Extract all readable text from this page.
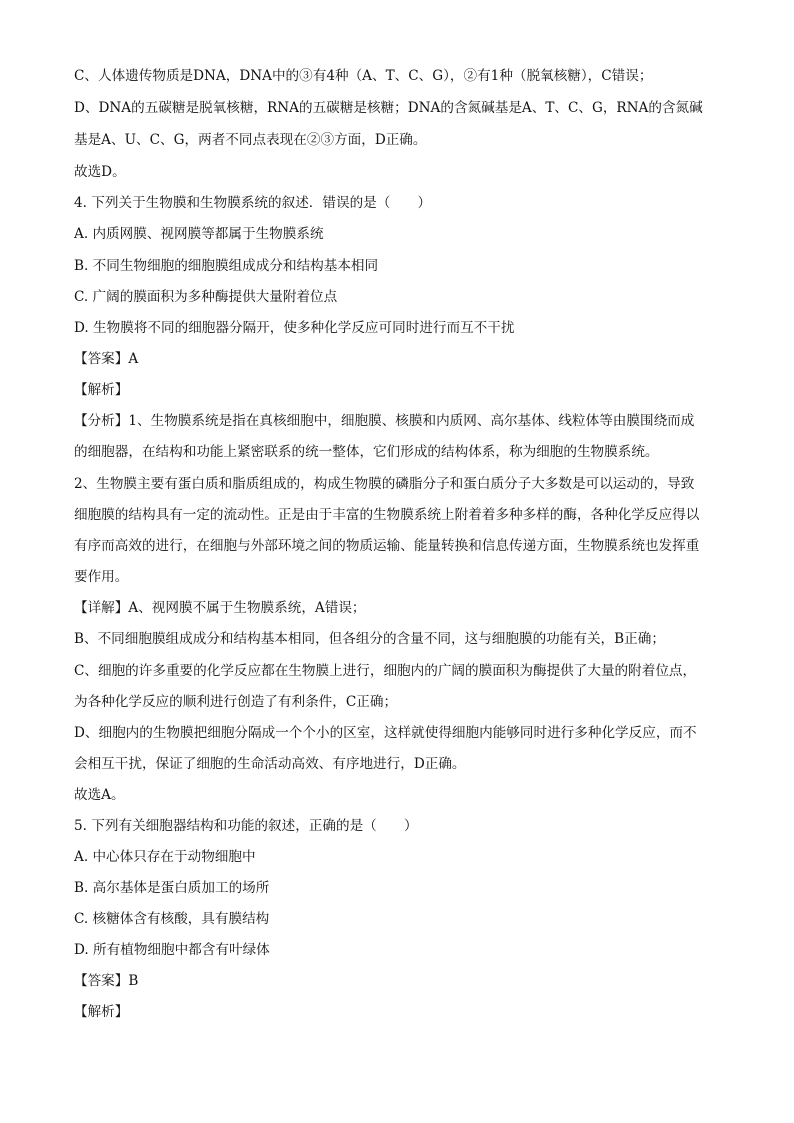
C、人体遗传物质是DNA，DNA中的③有4种（A、T、C、G），②有1种（脱氧核糖），C错误；
D、DNA的五碳糖是脱氧核糖，RNA的五碳糖是核糖；DNA的含氮碱基是A、T、C、G，RNA的含氮碱
基是A、U、C、G，两者不同点表现在②③方面，D正确。
故选D。
4. 下列关于生物膜和生物膜系统的叙述．错误的是（　　）
A. 内质网膜、视网膜等都属于生物膜系统
B. 不同生物细胞的细胞膜组成成分和结构基本相同
C. 广阔的膜面积为多种酶提供大量附着位点
D. 生物膜将不同的细胞器分隔开，使多种化学反应可同时进行而互不干扰
【答案】A
【解析】
【分析】1、生物膜系统是指在真核细胞中，细胞膜、核膜和内质网、高尔基体、线粒体等由膜围绕而成
的细胞器，在结构和功能上紧密联系的统一整体，它们形成的结构体系，称为细胞的生物膜系统。
2、生物膜主要有蛋白质和脂质组成的，构成生物膜的磷脂分子和蛋白质分子大多数是可以运动的，导致
细胞膜的结构具有一定的流动性。正是由于丰富的生物膜系统上附着着多种多样的酶，各种化学反应得以
有序而高效的进行，在细胞与外部环境之间的物质运输、能量转换和信息传递方面，生物膜系统也发挥重
要作用。
【详解】A、视网膜不属于生物膜系统，A错误；
B、不同细胞膜组成成分和结构基本相同，但各组分的含量不同，这与细胞膜的功能有关，B正确；
C、细胞的许多重要的化学反应都在生物膜上进行，细胞内的广阔的膜面积为酶提供了大量的附着位点，
为各种化学反应的顺利进行创造了有利条件，C正确；
D、细胞内的生物膜把细胞分隔成一个个小的区室，这样就使得细胞内能够同时进行多种化学反应，而不
会相互干扰，保证了细胞的生命活动高效、有序地进行，D正确。
故选A。
5. 下列有关细胞器结构和功能的叙述，正确的是（　　）
A. 中心体只存在于动物细胞中
B. 高尔基体是蛋白质加工的场所
C. 核糖体含有核酸，具有膜结构
D. 所有植物细胞中都含有叶绿体
【答案】B
【解析】
